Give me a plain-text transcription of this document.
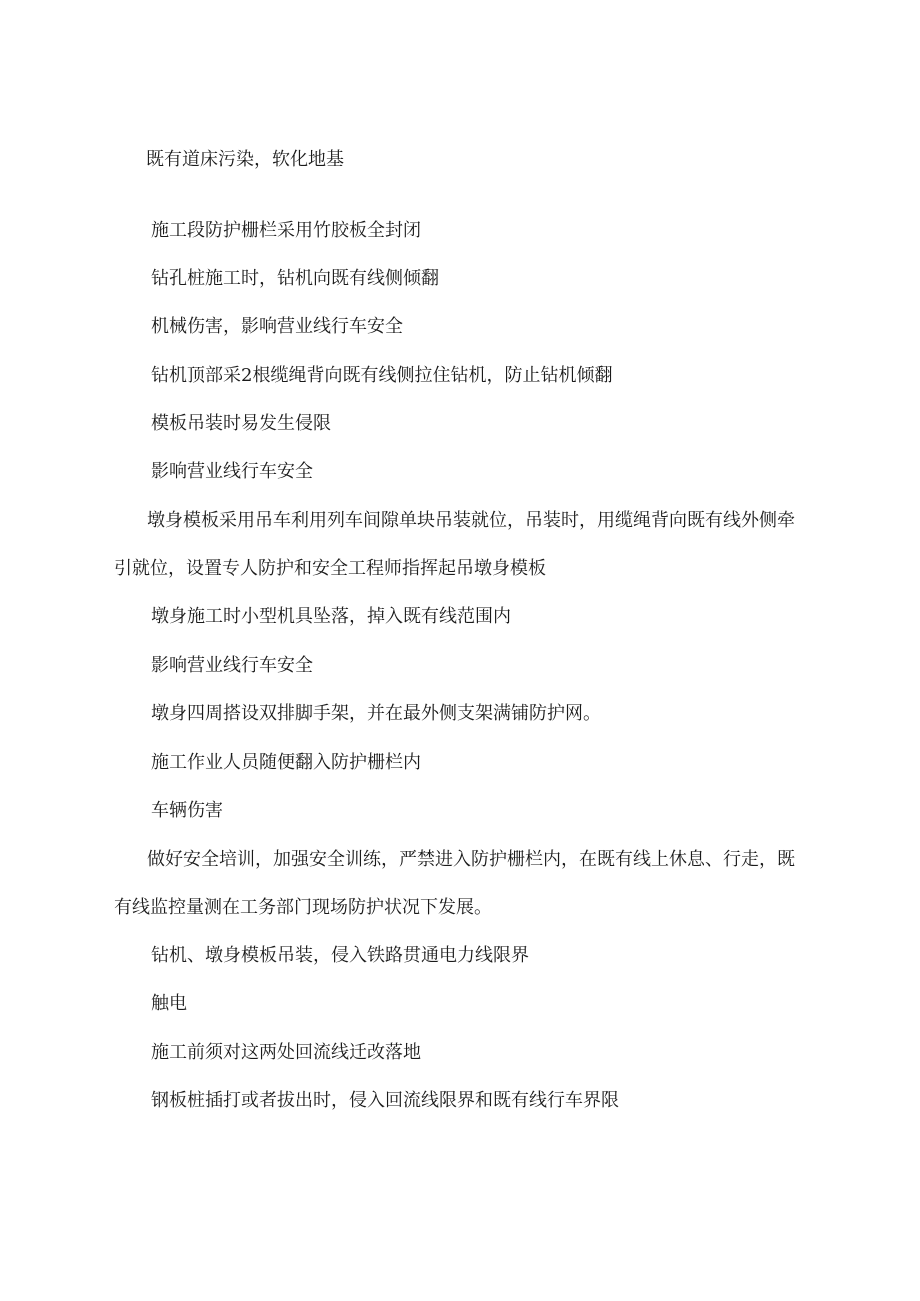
既有道床污染，软化地基

施工段防护栅栏采用竹胶板全封闭

钻孔桩施工时，钻机向既有线侧倾翻

机械伤害，影响营业线行车安全

钻机顶部采2根缆绳背向既有线侧拉住钻机，防止钻机倾翻

模板吊装时易发生侵限

影响营业线行车安全

墩身模板采用吊车利用列车间隙单块吊装就位，吊装时，用缆绳背向既有线外侧牵引就位，设置专人防护和安全工程师指挥起吊墩身模板

墩身施工时小型机具坠落，掉入既有线范围内

影响营业线行车安全

墩身四周搭设双排脚手架，并在最外侧支架满铺防护网。

施工作业人员随便翻入防护栅栏内

车辆伤害

做好安全培训，加强安全训练，严禁进入防护栅栏内，在既有线上休息、行走，既有线监控量测在工务部门现场防护状况下发展。

钻机、墩身模板吊装，侵入铁路贯通电力线限界

触电

施工前须对这两处回流线迁改落地

钢板桩插打或者拔出时，侵入回流线限界和既有线行车界限
